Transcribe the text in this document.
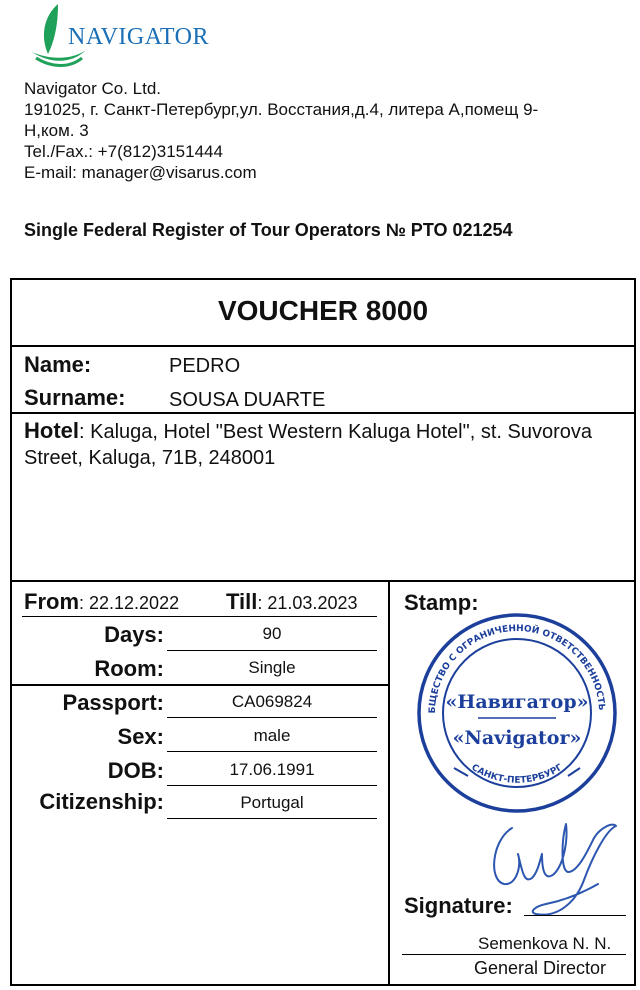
NAVIGATOR
Navigator Co. Ltd.
191025, г. Санкт-Петербург,ул. Восстания,д.4, литера А,помещ 9-
Н,ком. 3
Tel./Fax.: +7(812)3151444
E-mail: manager@visarus.com
Single Federal Register of Tour Operators № PTO 021254
VOUCHER 8000
Name:	PEDRO
Surname: SOUSA DUARTE
Hotel: Kaluga, Hotel "Best Western Kaluga Hotel", st. Suvorova Street, Kaluga, 71B, 248001
From: 22.12.2022 Till: 21.03.2023
Days:	90
Room:	Single
Passport:	CA069824
Sex:	male
DOB:	17.06.1991
Citizenship:	Portugal
Stamp:
БЩЕСТВО С ОГРАНИЧЕННОЙ ОТВЕТСТВЕННОСТЬ
САНКТ-ПЕТЕРБУРГ
«Навигатор»
«Navigator»
Signature:
Semenkova N. N.
General Director
